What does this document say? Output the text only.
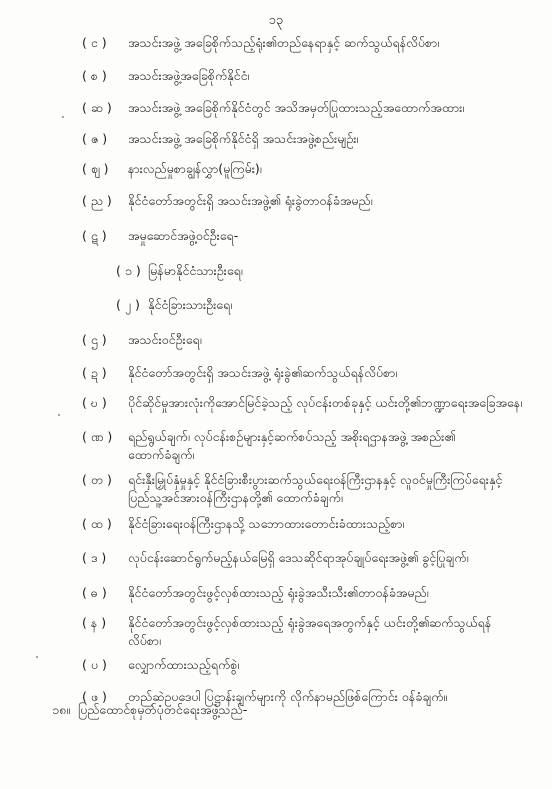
၁၃
( င )	အသင်းအဖွဲ့ အခြေစိုက်သည့်ရုံး၏တည်နေရာနှင့် ဆက်သွယ်ရန်လိပ်စာ၊
( စ )	အသင်းအဖွဲ့အခြေစိုက်နိုင်ငံ၊
( ဆ )	အသင်းအဖွဲ့ အခြေစိုက်နိုင်ငံတွင် အသိအမှတ်ပြုထားသည့်အထောက်အထား၊
( ဇ )	အသင်းအဖွဲ့ အခြေစိုက်နိုင်ငံရှိ အသင်းအဖွဲ့စည်းမျဉ်း၊
( ဈ )	နားလည်မှုစာချွန်လွှာ(မူကြမ်း)၊
( ည )	နိုင်ငံတော်အတွင်းရှိ အသင်းအဖွဲ့၏ ရုံးခွဲတာဝန်ခံအမည်၊
( ဋ )	အမှုဆောင်အဖွဲ့ဝင်ဦးရေ-
( ၁ ) မြန်မာနိုင်ငံသားဦးရေ၊
( ၂ ) နိုင်ငံခြားသားဦးရေ၊
( ဌ )	အသင်းဝင်ဦးရေ၊
( ဍ )	နိုင်ငံတော်အတွင်းရှိ အသင်းအဖွဲ့ ရုံးခွဲ၏ဆက်သွယ်ရန်လိပ်စာ၊
( ဎ )	ပိုင်ဆိုင်မှုအားလုံးကိုအောင်မြင်ခဲ့သည့် လုပ်ငန်းတစ်ခုနှင့် ယင်းတို့၏ဘဏ္ဍာရေးအခြေအနေ၊
( ဏ )	ရည်ရွယ်ချက်၊ လုပ်ငန်းစဉ်များနှင့်ဆက်စပ်သည့် အစိုးရဌာနအဖွဲ့ အစည်း၏
ထောက်ခံချက်၊
( တ )	ရင်းနှီးမြှုပ်နှံမှုနှင့် နိုင်ငံခြားစီးပွားဆက်သွယ်ရေးဝန်ကြီးဌာနနှင့် လူဝင်မှုကြီးကြပ်ရေးနှင့်
ပြည်သူ့အင်အားဝန်ကြီးဌာနတို့၏ ထောက်ခံချက်၊
( ထ )	နိုင်ငံခြားရေးဝန်ကြီးဌာနသို့ သဘောထားတောင်းခံထားသည့်စာ၊
( ဒ )	လုပ်ငန်းဆောင်ရွက်မည့်နယ်မြေရှိ ဒေသဆိုင်ရာအုပ်ချုပ်ရေးအဖွဲ့၏ ခွင့်ပြုချက်၊
( ဓ )	နိုင်ငံတော်အတွင်းဖွင့်လှစ်ထားသည့် ရုံးခွဲအသီးသီး၏တာဝန်ခံအမည်၊
( န )	နိုင်ငံတော်အတွင်းဖွင့်လှစ်ထားသည့် ရုံးခွဲအရေအတွက်နှင့် ယင်းတို့၏ဆက်သွယ်ရန်
လိပ်စာ၊
( ပ )	လျှောက်ထားသည့်ရက်စွဲ၊
( ဖ )	တည်ဆဲဥပဒေပါ ပြဋ္ဌာန်းချက်များကို လိုက်နာမည်ဖြစ်ကြောင်း ဝန်ခံချက်။
၁၈။ ပြည်ထောင်စုမှတ်ပုံတင်ရေးအဖွဲ့သည်-
